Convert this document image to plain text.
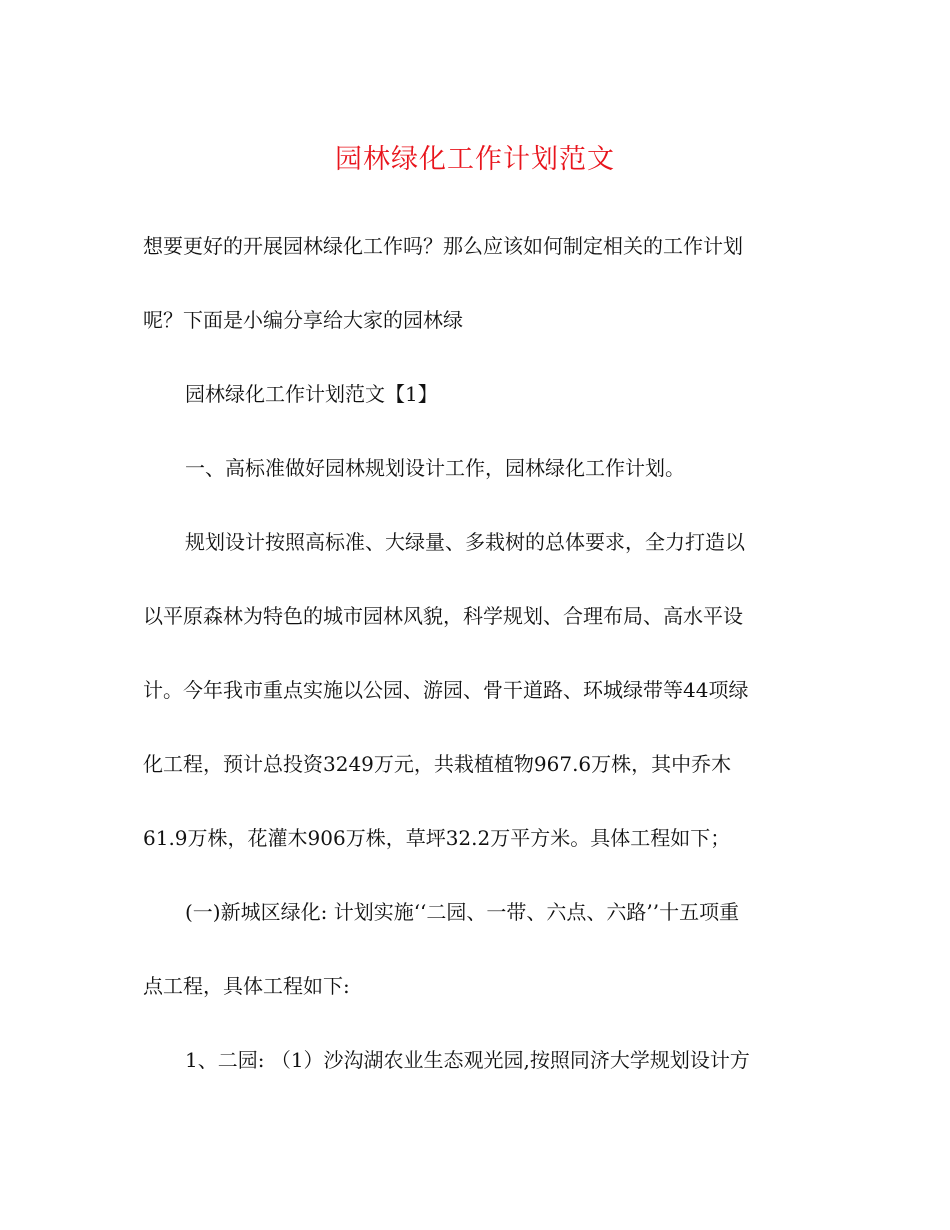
园林绿化工作计划范文
想要更好的开展园林绿化工作吗？那么应该如何制定相关的工作计划
呢？下面是小编分享给大家的园林绿
园林绿化工作计划范文【1】
一、高标准做好园林规划设计工作，园林绿化工作计划。
规划设计按照高标准、大绿量、多栽树的总体要求，全力打造以
以平原森林为特色的城市园林风貌，科学规划、合理布局、高水平设
计。今年我市重点实施以公园、游园、骨干道路、环城绿带等44项绿
化工程，预计总投资3249万元，共栽植植物967.6万株，其中乔木
61.9万株，花灌木906万株，草坪32.2万平方米。具体工程如下；
(一)新城区绿化: 计划实施‘‘二园、一带、六点、六路’’十五项重
点工程，具体工程如下:
1、二园: （1）沙沟湖农业生态观光园,按照同济大学规划设计方
